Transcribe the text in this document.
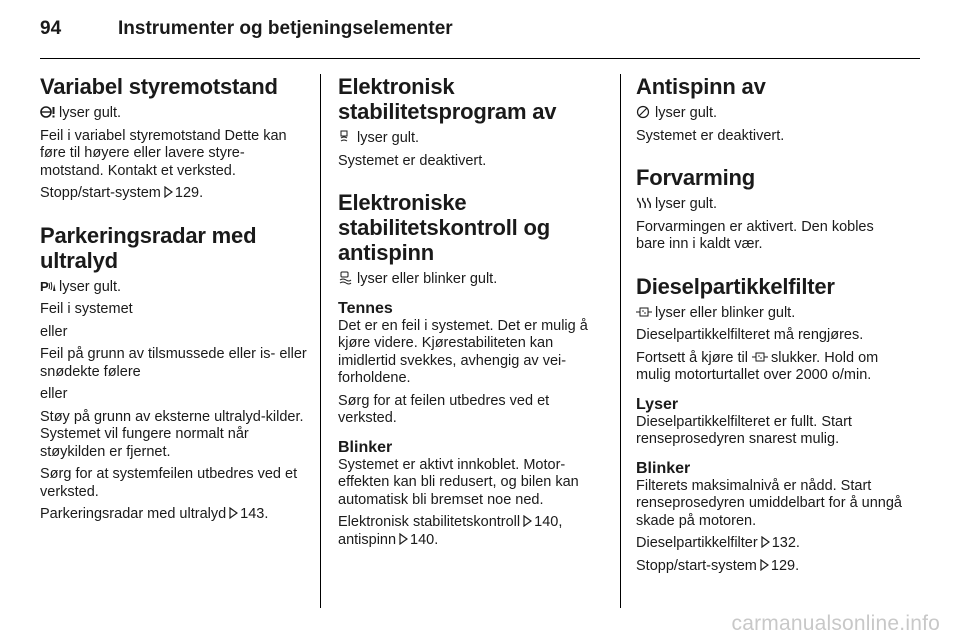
94	Instrumenter og betjeningselementer
Variabel styremotstand

lyser gult.

Feil i variabel styremotstand Dette kan føre til høyere eller lavere styre-motstand. Kontakt et verksted.

Stopp/start-system 129.

Parkeringsradar med ultralyd

P lyser gult.

Feil i systemet

eller

Feil på grunn av tilsmussede eller is- eller snødekte følere

eller

Støy på grunn av eksterne ultralyd-kilder. Systemet vil fungere normalt når støykilden er fjernet.

Sørg for at systemfeilen utbedres ved et verksted.

Parkeringsradar med ultralyd 143.

Elektronisk stabilitetsprogram av

lyser gult.

Systemet er deaktivert.

Elektroniske stabilitetskontroll og antispinn

lyser eller blinker gult.

Tennes

Det er en feil i systemet. Det er mulig å kjøre videre. Kjørestabiliteten kan imidlertid svekkes, avhengig av vei-forholdene.

Sørg for at feilen utbedres ved et verksted.

Blinker

Systemet er aktivt innkoblet. Motor-effekten kan bli redusert, og bilen kan automatisk bli bremset noe ned.

Elektronisk stabilitetskontroll 140, antispinn 140.

Antispinn av

lyser gult.

Systemet er deaktivert.

Forvarming

lyser gult.

Forvarmingen er aktivert. Den kobles bare inn i kaldt vær.

Dieselpartikkelfilter

lyser eller blinker gult.

Dieselpartikkelfilteret må rengjøres.

Fortsett å kjøre til slukker. Hold om mulig motorturtallet over 2000 o/min.

Lyser

Dieselpartikkelfilteret er fullt. Start renseprosedyren snarest mulig.

Blinker

Filterets maksimalnivå er nådd. Start renseprosedyren umiddelbart for å unngå skade på motoren.

Dieselpartikkelfilter 132.

Stopp/start-system 129.

carmanualsonline.info
